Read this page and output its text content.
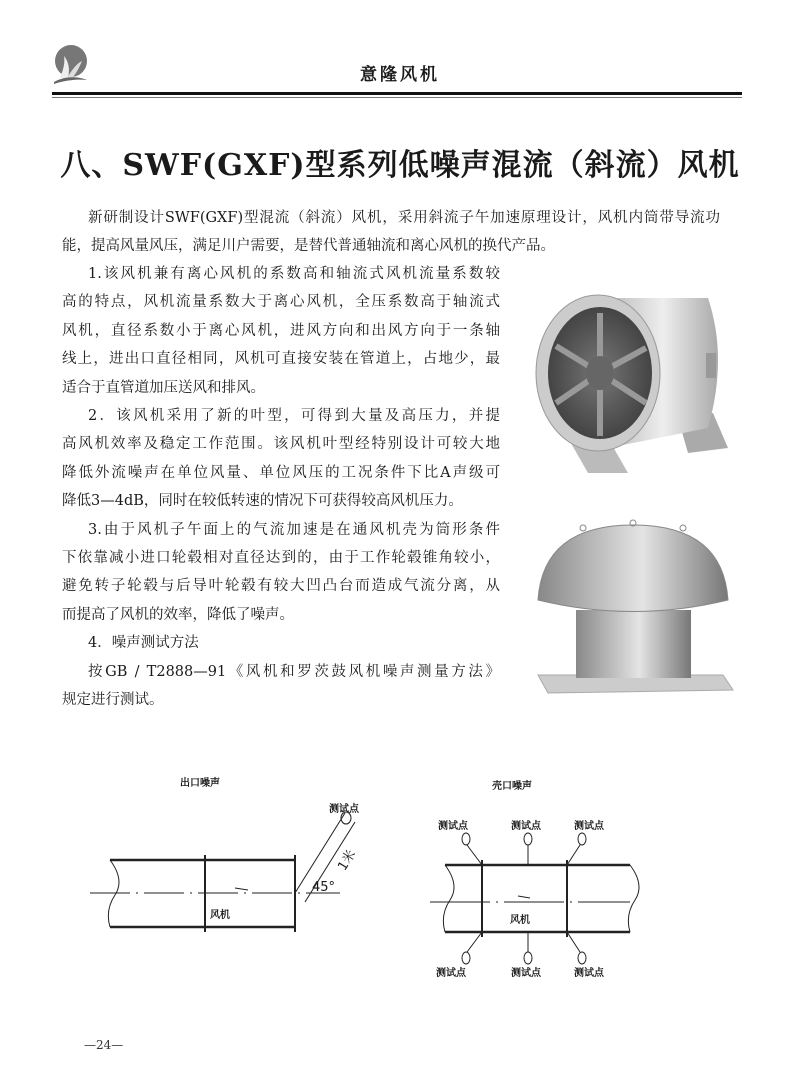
意隆风机
八、SWF(GXF)型系列低噪声混流（斜流）风机
新研制设计SWF(GXF)型混流（斜流）风机，采用斜流子午加速原理设计，风机内筒带导流功
能，提高风量风压，满足川户需要，是替代普通轴流和离心风机的换代产品。
1.该风机兼有离心风机的系数高和轴流式风机流量系数较
高的特点，风机流量系数大于离心风机，全压系数高于轴流式
风机，直径系数小于离心风机，进风方向和出风方向于一条轴
线上，进出口直径相同，风机可直接安装在管道上，占地少，最
适合于直管道加压送风和排风。
2．该风机采用了新的叶型，可得到大量及高压力，并提
高风机效率及稳定工作范围。该风机叶型经特别设计可较大地
降低外流噪声在单位风量、单位风压的工况条件下比A声级可
降低3—4dB，同时在较低转速的情况下可获得较高风机压力。
3.由于风机子午面上的气流加速是在通风机壳为筒形条件
下依靠减小进口轮毂相对直径达到的，由于工作轮毂锥角较小，
避免转子轮毂与后导叶轮毂有较大凹凸台而造成气流分离，从
而提高了风机的效率，降低了噪声。
4．噪声测试方法
按GB / T2888—91《风机和罗茨鼓风机噪声测量方法》
规定进行测试。
出口噪声
测试点
风机
1米
45°
壳口噪声
测试点	测试点	测试点
测试点	测试点	测试点
风机
—24—
